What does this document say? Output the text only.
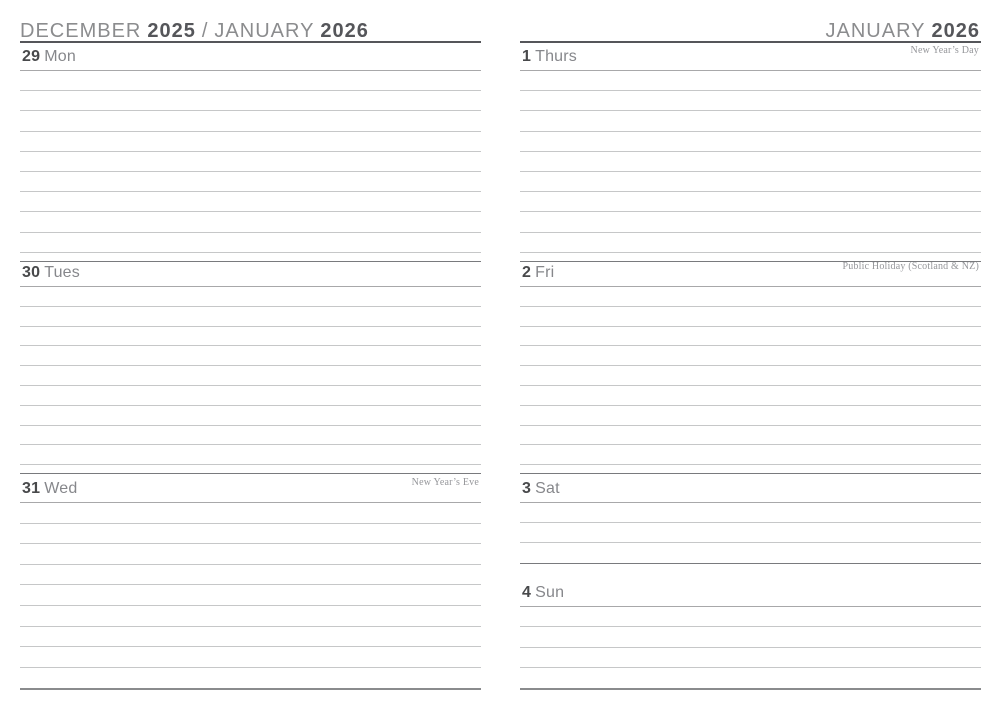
DECEMBER 2025 / JANUARY 2026
29 Mon
30 Tues
31 Wed	New Year’s Eve
JANUARY 2026
1 Thurs	New Year’s Day
2 Fri	Public Holiday (Scotland & NZ)
3 Sat
4 Sun
